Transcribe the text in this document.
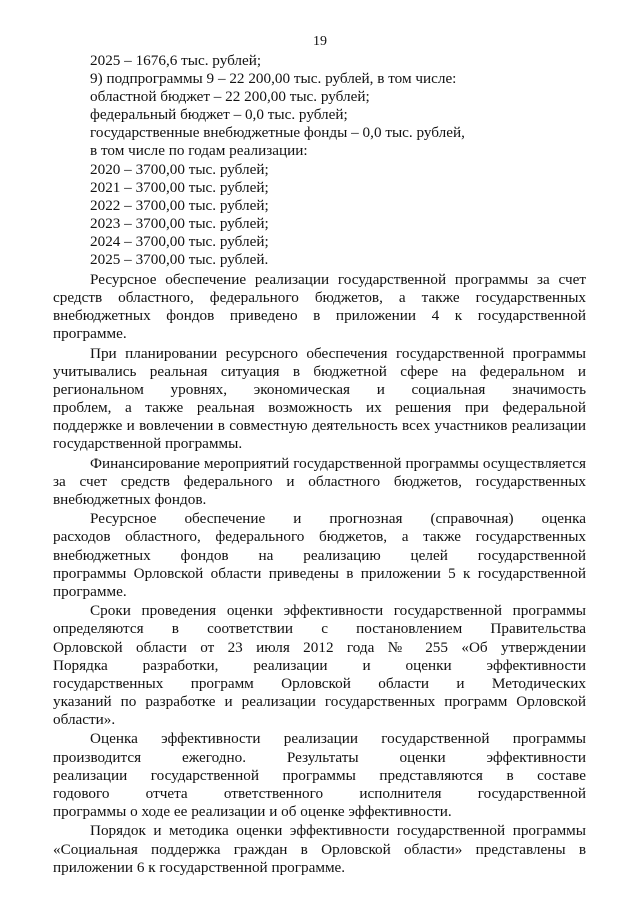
19
2025 – 1676,6 тыс. рублей;
9) подпрограммы 9 – 22 200,00 тыс. рублей, в том числе:
областной бюджет – 22 200,00 тыс. рублей;
федеральный бюджет – 0,0 тыс. рублей;
государственные внебюджетные фонды – 0,0 тыс. рублей,
в том числе по годам реализации:
2020 – 3700,00 тыс. рублей;
2021 – 3700,00 тыс. рублей;
2022 – 3700,00 тыс. рублей;
2023 – 3700,00 тыс. рублей;
2024 – 3700,00 тыс. рублей;
2025 – 3700,00 тыс. рублей.
Ресурсное обеспечение реализации государственной программы за счет
средств областного, федерального бюджетов, а также государственных
внебюджетных фондов приведено в приложении 4 к государственной
программе.
При планировании ресурсного обеспечения государственной программы
учитывались реальная ситуация в бюджетной сфере на федеральном и
региональном уровнях, экономическая и социальная значимость
проблем, а также реальная возможность их решения при федеральной
поддержке и вовлечении в совместную деятельность всех участников реализации
государственной программы.
Финансирование мероприятий государственной программы осуществляется
за счет средств федерального и областного бюджетов, государственных
внебюджетных фондов.
Ресурсное обеспечение и прогнозная (справочная) оценка
расходов областного, федерального бюджетов, а также государственных
внебюджетных фондов на реализацию целей государственной
программы Орловской области приведены в приложении 5 к государственной
программе.
Сроки проведения оценки эффективности государственной программы
определяются в соответствии с постановлением Правительства
Орловской области от 23 июля 2012 года № 255 «Об утверждении
Порядка разработки, реализации и оценки эффективности
государственных программ Орловской области и Методических
указаний по разработке и реализации государственных программ Орловской
области».
Оценка эффективности реализации государственной программы
производится ежегодно. Результаты оценки эффективности
реализации государственной программы представляются в составе
годового отчета ответственного исполнителя государственной
программы о ходе ее реализации и об оценке эффективности.
Порядок и методика оценки эффективности государственной программы
«Социальная поддержка граждан в Орловской области» представлены в
приложении 6 к государственной программе.
